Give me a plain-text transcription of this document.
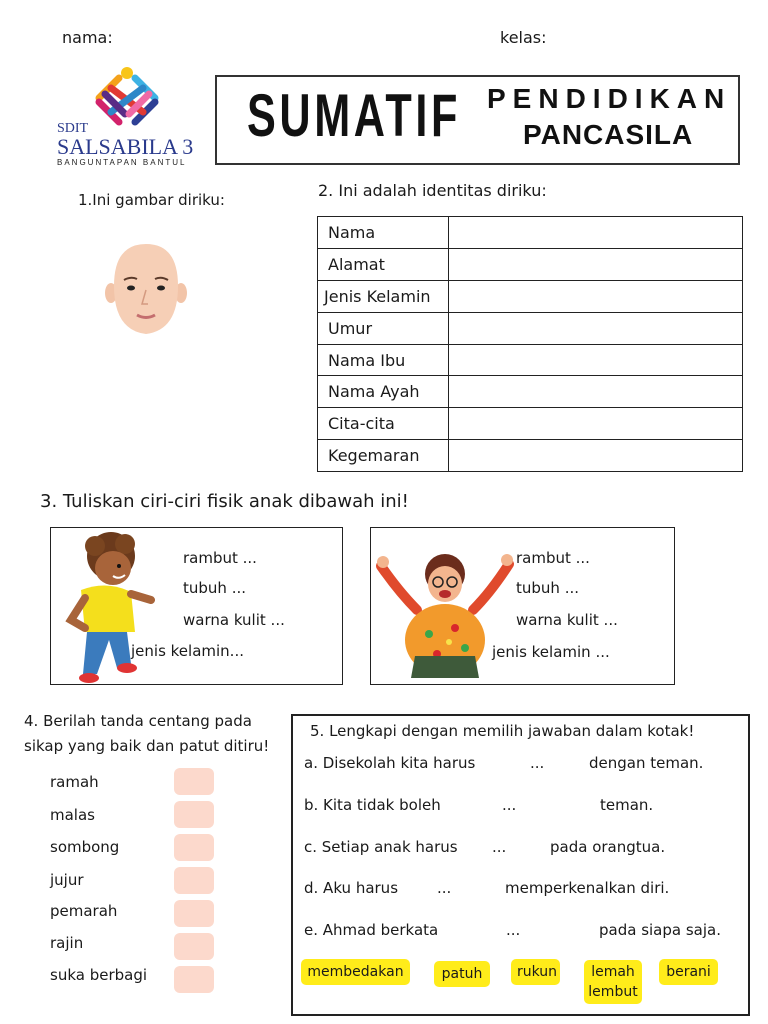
nama:	kelas:
SDIT
SALSABILA 3
BANGUNTAPAN BANTUL
SUMATIF PENDIDIKAN
PANCASILA
1.Ini gambar diriku:	2. Ini adalah identitas diriku:
Nama	
Alamat	
Jenis Kelamin	
Umur	
Nama Ibu	
Nama Ayah	
Cita-cita	
Kegemaran	
3. Tuliskan ciri-ciri fisik anak dibawah ini!
rambut ...
tubuh ...
warna kulit ...
jenis kelamin...
rambut ...
tubuh ...
warna kulit ...
jenis kelamin ...
4. Berilah tanda centang pada
sikap yang baik dan patut ditiru!
ramah
malas
sombong
jujur
pemarah
rajin
suka berbagi
5. Lengkapi dengan memilih jawaban dalam kotak!
a. Disekolah kita harus	...	dengan teman.
b. Kita tidak boleh	...	teman.
c. Setiap anak harus ...	pada orangtua.
d. Aku harus	...	memperkenalkan diri.
e. Ahmad berkata	...	pada siapa saja.
membedakan	patuh	rukun lemah
lembut
berani
